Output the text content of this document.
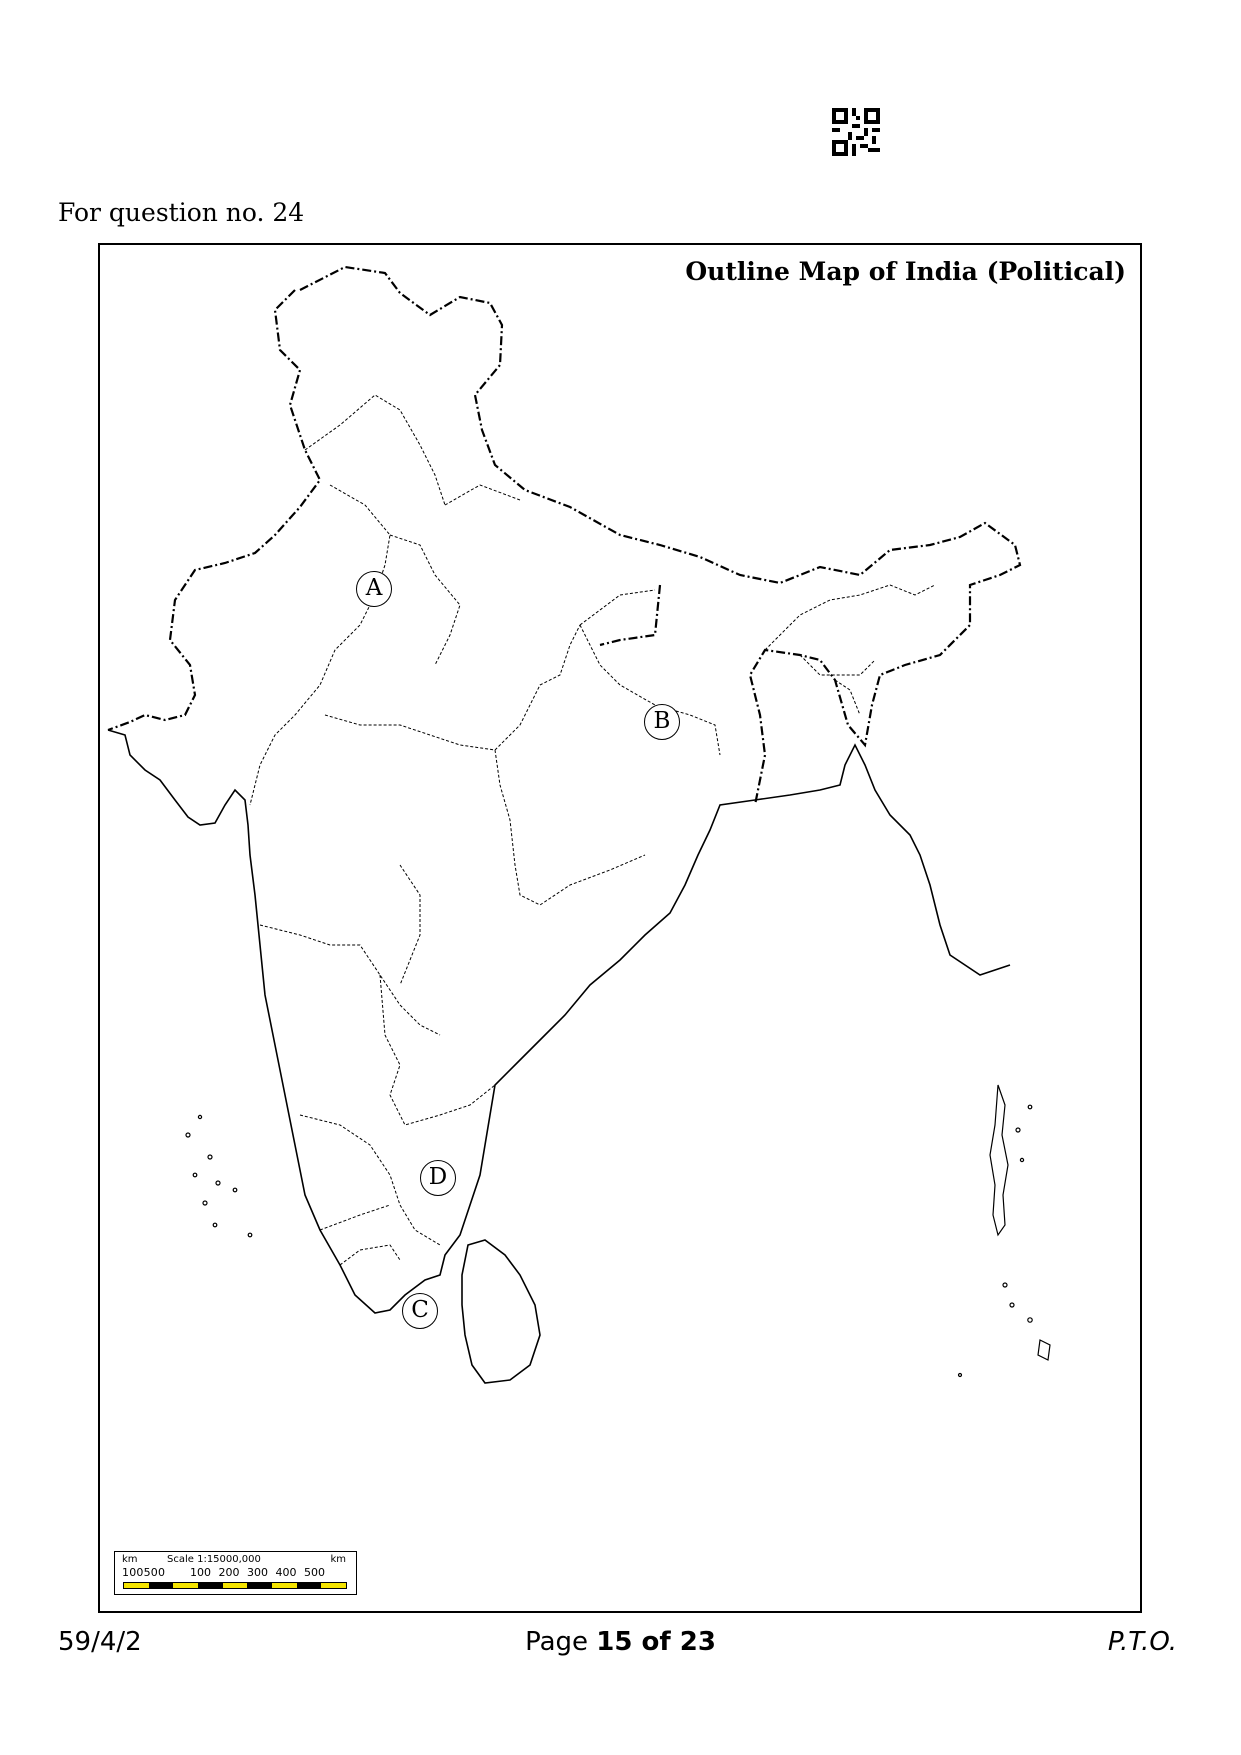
For question no. 24
Outline Map of India (Political)
A
B
C
D
km	Scale 1:15000,000	km
100500 100 200 300 400 500
59/4/2	Page 15 of 23	P.T.O.
